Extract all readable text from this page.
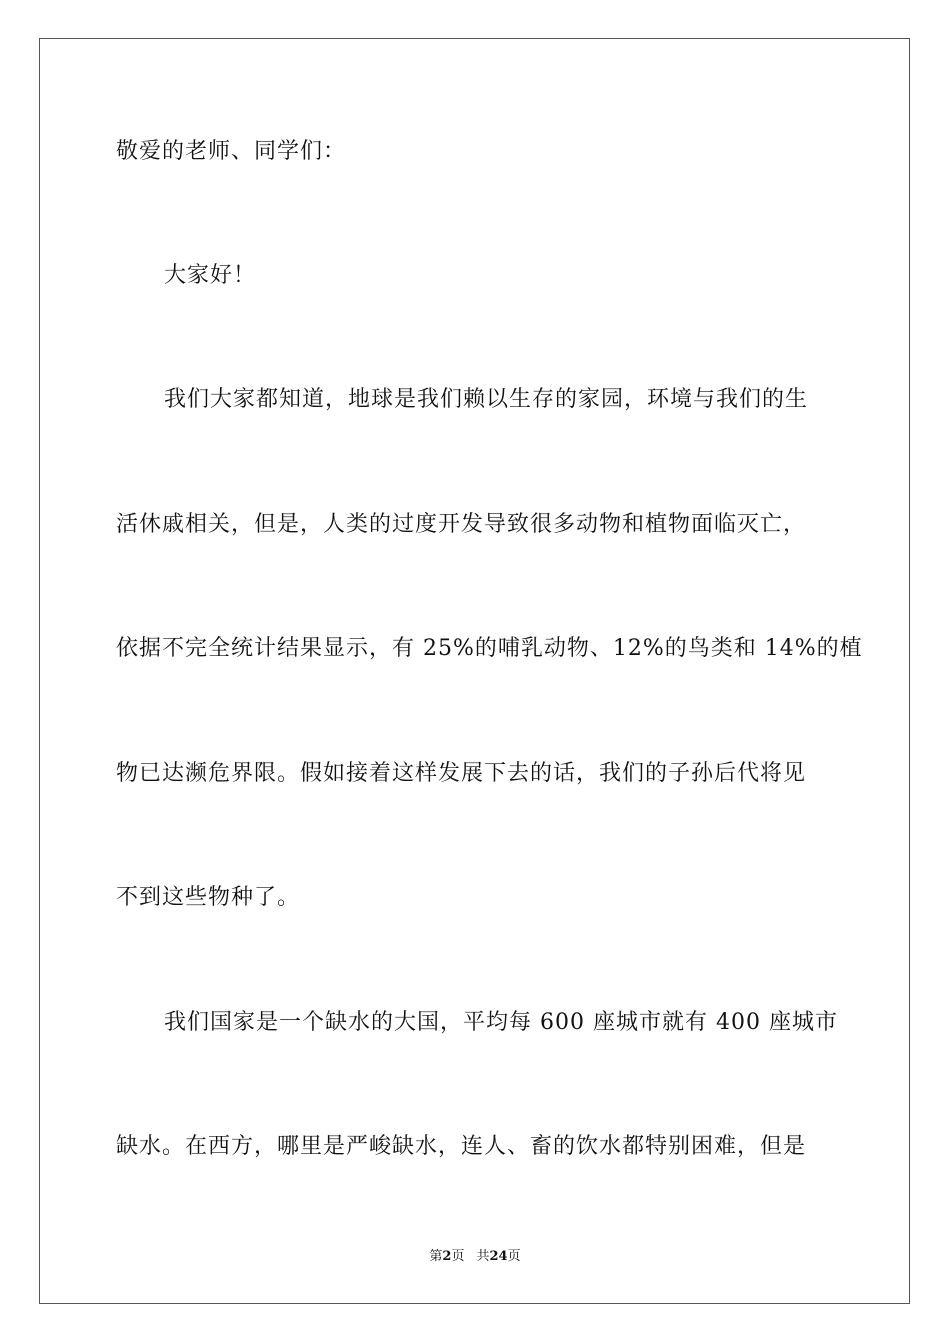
敬爱的老师、同学们：
大家好！
我们大家都知道，地球是我们赖以生存的家园，环境与我们的生
活休戚相关，但是，人类的过度开发导致很多动物和植物面临灭亡，
依据不完全统计结果显示，有 25%的哺乳动物、12%的鸟类和 14%的植
物已达濒危界限。假如接着这样发展下去的话，我们的子孙后代将见
不到这些物种了。
我们国家是一个缺水的大国，平均每 600 座城市就有 400 座城市
缺水。在西方，哪里是严峻缺水，连人、畜的饮水都特别困难，但是
第2页 共24页
